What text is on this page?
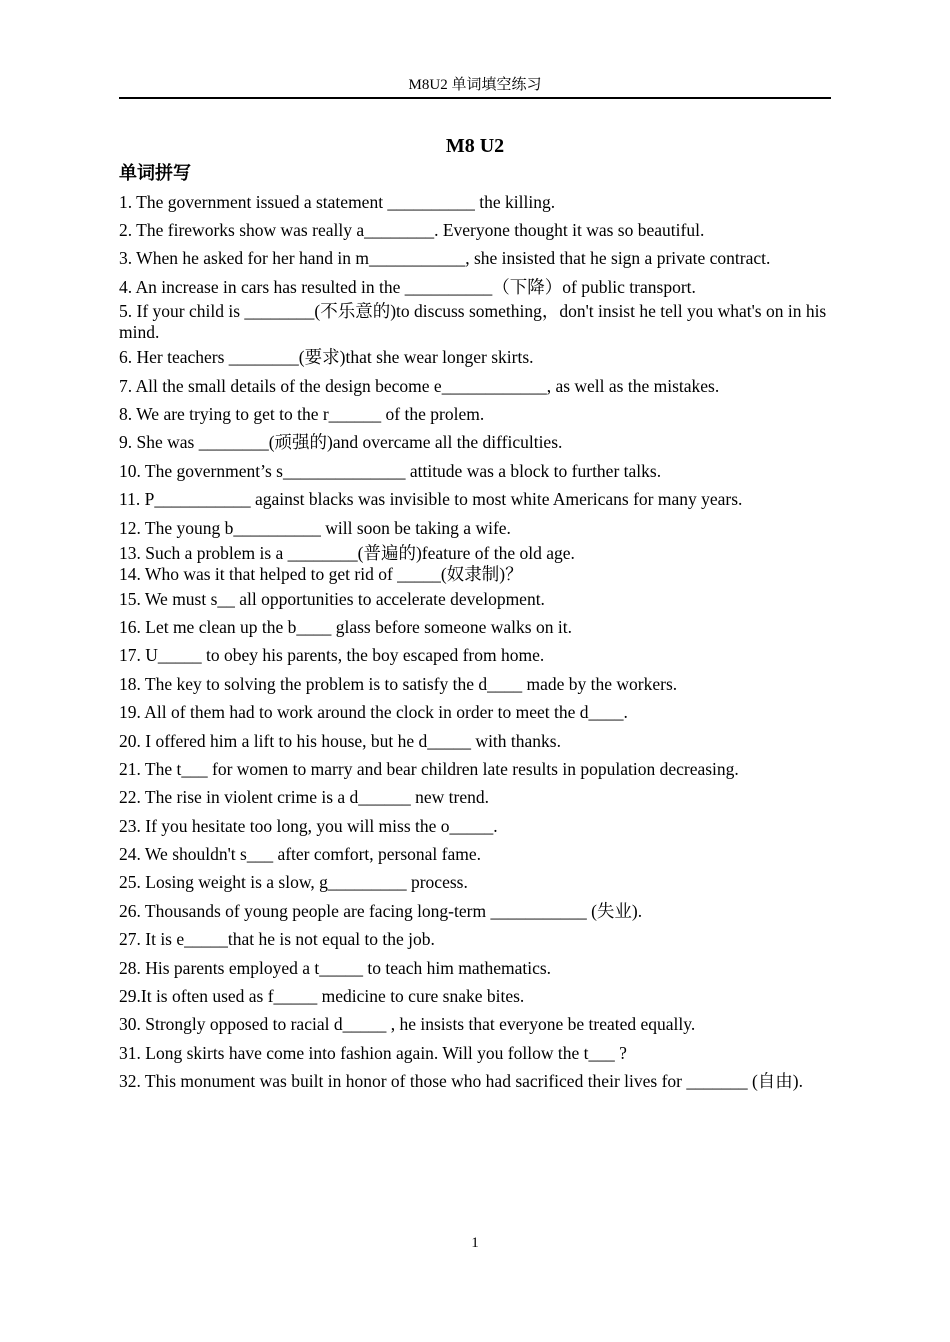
M8U2 单词填空练习
M8 U2
单词拼写
1. The government issued a statement __________ the killing.
2. The fireworks show was really a________. Everyone thought it was so beautiful.
3. When he asked for her hand in m___________, she insisted that he sign a private contract.
4. An increase in cars has resulted in the __________（下降）of public transport.
5. If your child is ________(不乐意的)to discuss something，don't insist he tell you what's on in his mind.
6. Her teachers ________(要求)that she wear longer skirts.
7. All the small details of the design become e____________, as well as the mistakes.
8. We are trying to get to the r______ of the prolem.
9. She was ________(顽强的)and overcame all the difficulties.
10. The government’s s______________ attitude was a block to further talks.
11. P___________ against blacks was invisible to most white Americans for many years.
12. The young b__________ will soon be taking a wife.
13. Such a problem is a ________(普遍的)feature of the old age.
14. Who was it that helped to get rid of _____(奴隶制)？
15. We must s__ all opportunities to accelerate development.
16. Let me clean up the b____ glass before someone walks on it.
17. U_____ to obey his parents, the boy escaped from home.
18. The key to solving the problem is to satisfy the d____ made by the workers.
19. All of them had to work around the clock in order to meet the d____.
20. I offered him a lift to his house, but he d_____ with thanks.
21. The t___ for women to marry and bear children late results in population decreasing.
22. The rise in violent crime is a d______ new trend.
23. If you hesitate too long, you will miss the o_____.
24. We shouldn't s___ after comfort, personal fame.
25. Losing weight is a slow, g_________ process.
26. Thousands of young people are facing long-term ___________ (失业).
27. It is e_____that he is not equal to the job.
28. His parents employed a t_____ to teach him mathematics.
29.It is often used as f_____ medicine to cure snake bites.
30. Strongly opposed to racial d_____ , he insists that everyone be treated equally.
31. Long skirts have come into fashion again. Will you follow the t___ ?
32. This monument was built in honor of those who had sacrificed their lives for _______ (自由).
1
